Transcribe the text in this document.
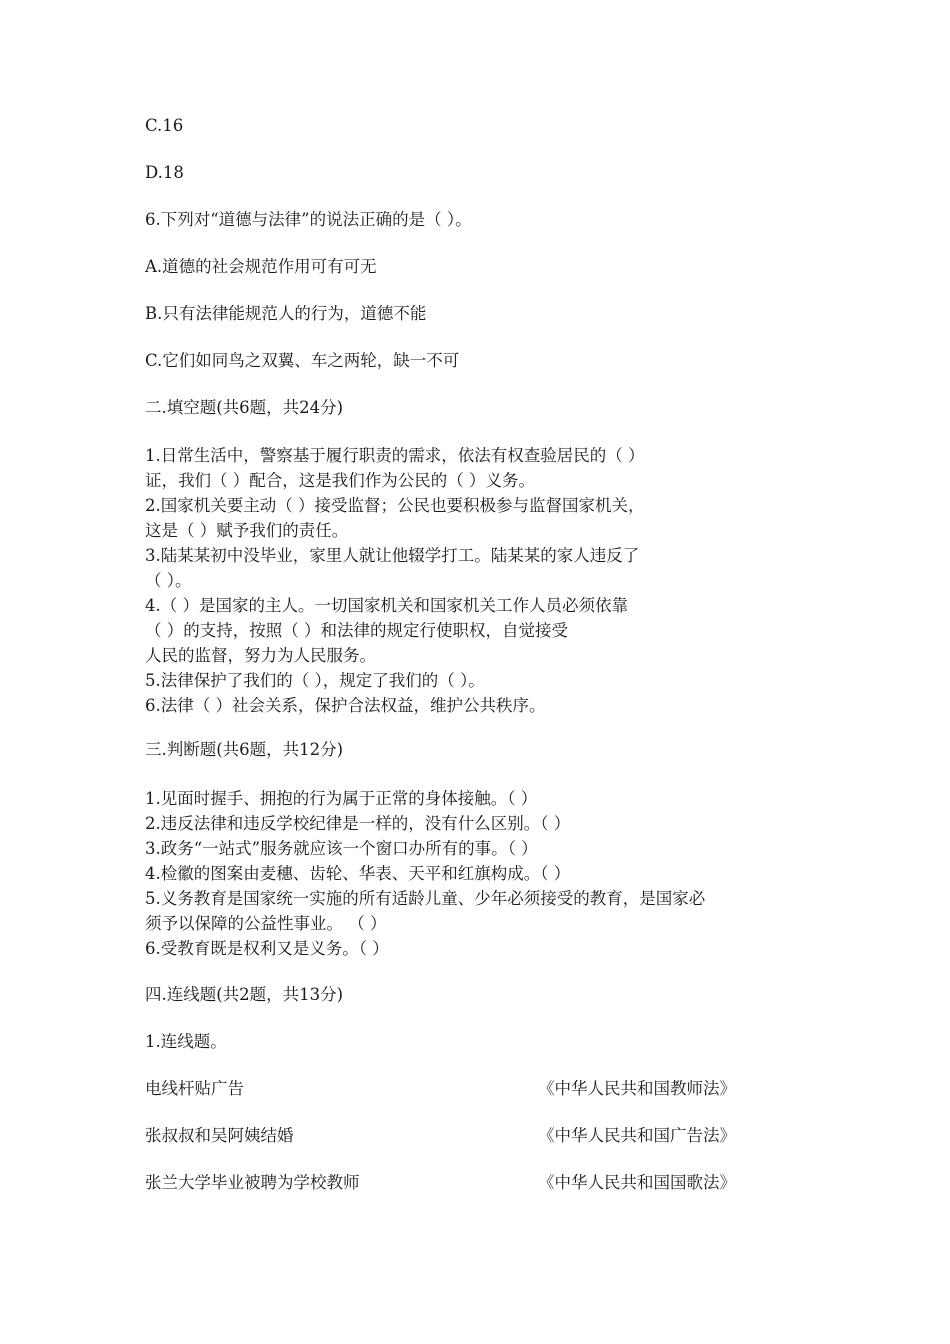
C.16
D.18
6.下列对“道德与法律”的说法正确的是（ ）。
A.道德的社会规范作用可有可无
B.只有法律能规范人的行为，道德不能
C.它们如同鸟之双翼、车之两轮，缺一不可
二.填空题(共6题，共24分)

1.日常生活中，警察基于履行职责的需求，依法有权查验居民的（ ）

证，我们（ ）配合，这是我们作为公民的（ ）义务。

2.国家机关要主动（ ）接受监督；公民也要积极参与监督国家机关，

这是（ ）赋予我们的责任。

3.陆某某初中没毕业，家里人就让他辍学打工。陆某某的家人违反了

（ ）。

4.（ ）是国家的主人。一切国家机关和国家机关工作人员必须依靠

（ ）的支持，按照（ ）和法律的规定行使职权，自觉接受

人民的监督，努力为人民服务。

5.法律保护了我们的（ ），规定了我们的（ ）。

6.法律（ ）社会关系，保护合法权益，维护公共秩序。

三.判断题(共6题，共12分)

1.见面时握手、拥抱的行为属于正常的身体接触。（ ）

2.违反法律和违反学校纪律是一样的，没有什么区别。（ ）

3.政务“一站式”服务就应该一个窗口办所有的事。（ ）

4.检徽的图案由麦穗、齿轮、华表、天平和红旗构成。（ ）

5.义务教育是国家统一实施的所有适龄儿童、少年必须接受的教育，是国家必

须予以保障的公益性事业。 （ ）

6.受教育既是权利又是义务。（ ）

四.连线题(共2题，共13分)
1.连线题。
电线杆贴广告	《中华人民共和国教师法》
张叔叔和吴阿姨结婚	《中华人民共和国广告法》
张兰大学毕业被聘为学校教师	《中华人民共和国国歌法》
